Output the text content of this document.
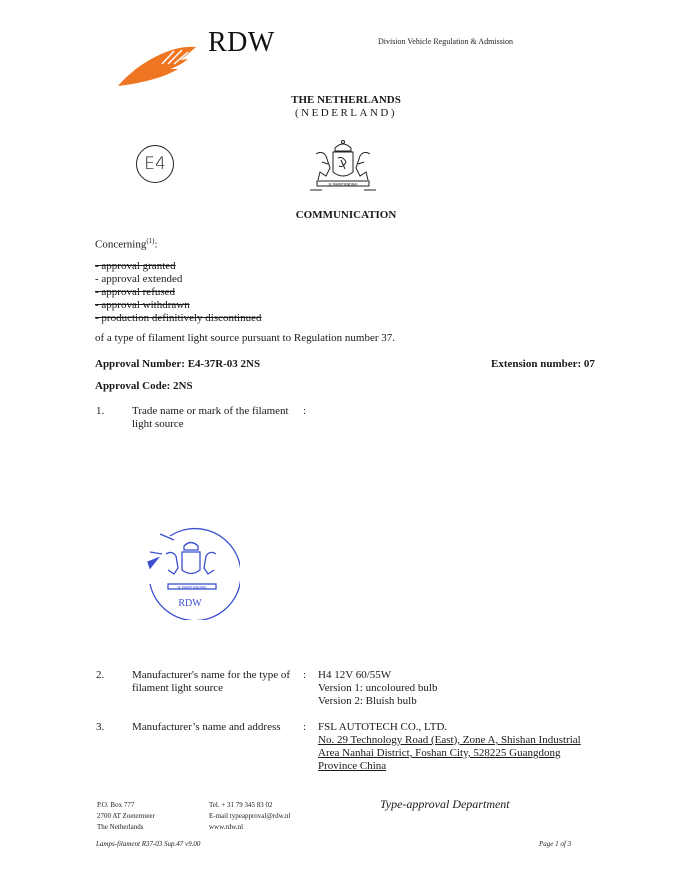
RDW	Division Vehicle Regulation & Admission
THE NETHERLANDS
(NEDERLAND)
E4
JE MAINTIENDRAI
COMMUNICATION
Concerning$^{(1)}$:
- approval granted
- approval extended
- approval refused
- approval withdrawn
- production definitively discontinued
of a type of filament light source pursuant to Regulation number 37.
Approval Number: E4-37R-03 2NS	Extension number: 07
Approval Code: 2NS
1.	Trade name or mark of the filament
light source
:
JE MAINTIENDRAI
RDW
2.	Manufacturer's name for the type of
filament light source
: H4 12V 60/55W
Version 1: uncoloured bulb
Version 2: Bluish bulb
3.	Manufacturer’s name and address	: FSL AUTOTECH CO., LTD.
No. 29 Technology Road (East), Zone A, Shishan Industrial
Area Nanhai District, Foshan City, 528225 Guangdong
Province China
P.O. Box 777
2700 AT Zoetermeer
The Netherlands
Tel. + 31 79 345 83 02
E-mail typeapproval@rdw.nl
www.rdw.nl
Type-approval Department
Lamps-filament R37-03 Sup.47 v9.00	Page 1 of 3
